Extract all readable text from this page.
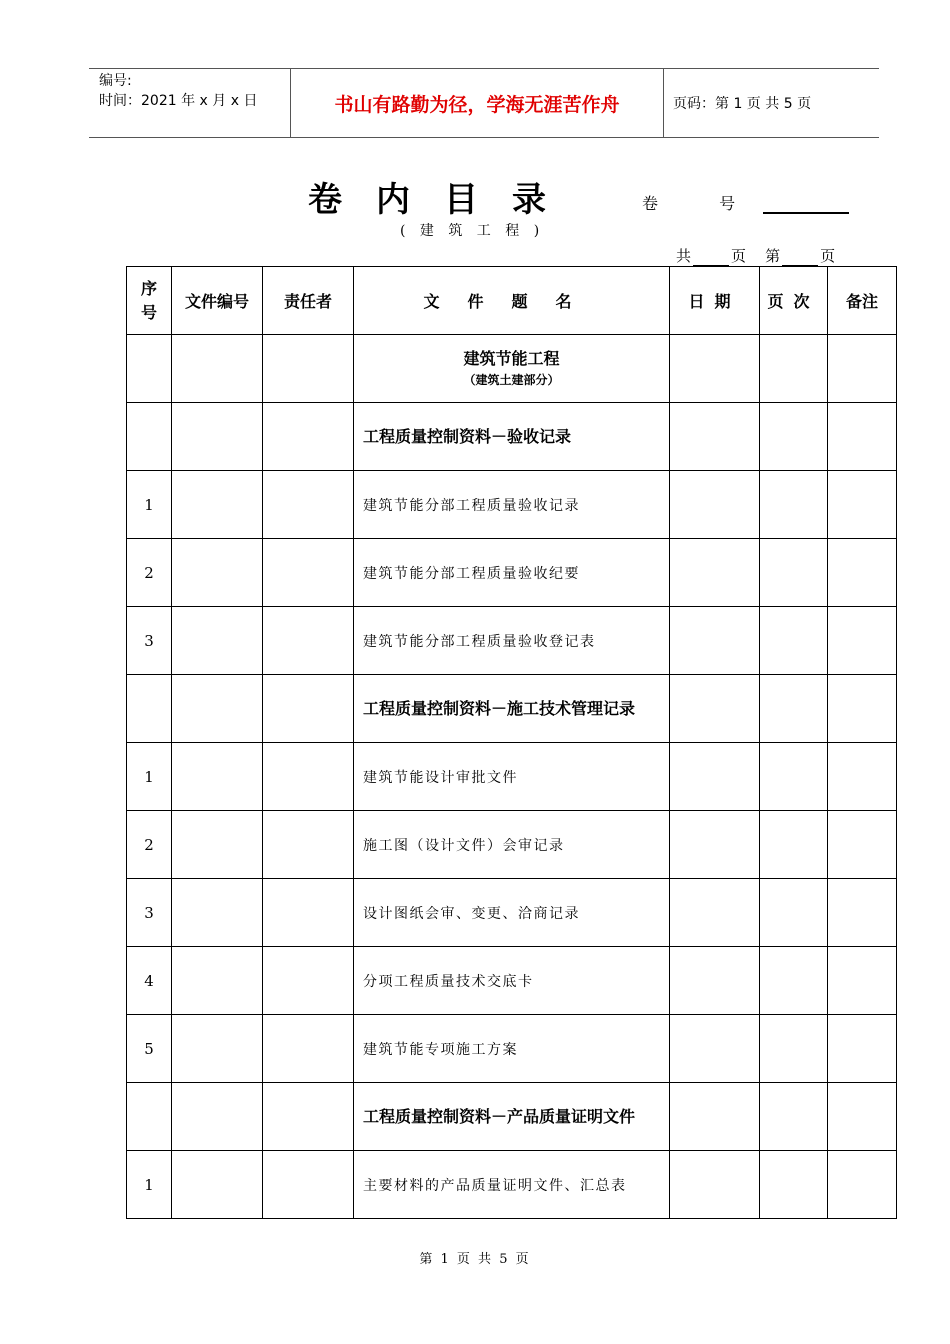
编号:
时间：2021 年 x 月 x 日	书山有路勤为径，学海无涯苦作舟	页码：第 1 页 共 5 页
卷内目录	卷 号
( 建 筑 工 程 )
共	页 第	页
序号	文件编号	责任者	文件题名	日期	页次	备注

			建筑节能工程
（建筑土建部分）			

			工程质量控制资料－验收记录			
1			建筑节能分部工程质量验收记录			
2			建筑节能分部工程质量验收纪要			
3			建筑节能分部工程质量验收登记表			
			工程质量控制资料－施工技术管理记录			
1			建筑节能设计审批文件			
2			施工图（设计文件）会审记录			
3			设计图纸会审、变更、洽商记录			
4			分项工程质量技术交底卡			
5			建筑节能专项施工方案			
			工程质量控制资料－产品质量证明文件			
1			主要材料的产品质量证明文件、汇总表			
第 1 页 共 5 页
